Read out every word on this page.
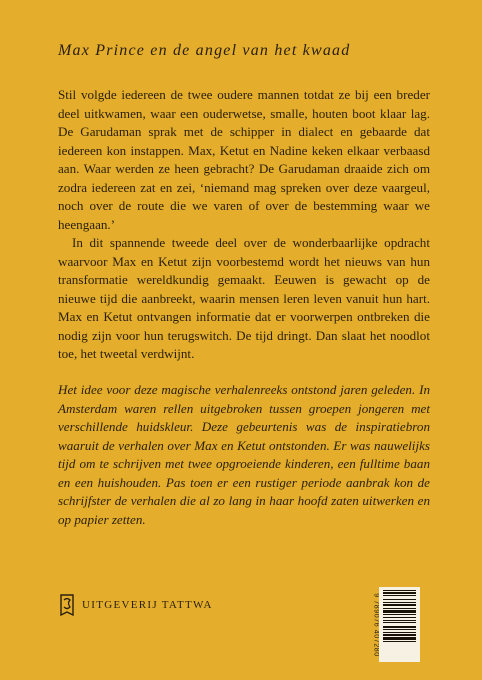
Max Prince en de angel van het kwaad

Stil volgde iedereen de twee oudere mannen totdat ze bij een breder deel uitkwamen, waar een ouderwetse, smalle, houten boot klaar lag. De Garudaman sprak met de schipper in dialect en gebaarde dat iedereen kon instappen. Max, Ketut en Nadine keken elkaar verbaasd aan. Waar werden ze heen gebracht? De Garudaman draaide zich om zodra iedereen zat en zei, ‘niemand mag spreken over deze vaargeul, noch over de route die we varen of over de bestemming waar we heengaan.’

In dit spannende tweede deel over de wonderbaarlijke opdracht waarvoor Max en Ketut zijn voorbestemd wordt het nieuws van hun transformatie wereldkundig gemaakt. Eeuwen is gewacht op de nieuwe tijd die aanbreekt, waarin mensen leren leven vanuit hun hart. Max en Ketut ontvangen informatie dat er voorwerpen ontbreken die nodig zijn voor hun terugswitch. De tijd dringt. Dan slaat het noodlot toe, het tweetal verdwijnt.

Het idee voor deze magische verhalenreeks ontstond jaren geleden. In Amsterdam waren rellen uitgebroken tussen groepen jongeren met verschillende huidskleur. Deze gebeurtenis was de inspiratiebron waaruit de verhalen over Max en Ketut ontstonden. Er was nauwelijks tijd om te schrijven met twee opgroeiende kinderen, een fulltime baan en een huishouden. Pas toen er een rustiger periode aanbrak kon de schrijfster de verhalen die al zo lang in haar hoofd zaten uitwerken en op papier zetten.
UITGEVERIJ TATTWA	9 789076 407280
